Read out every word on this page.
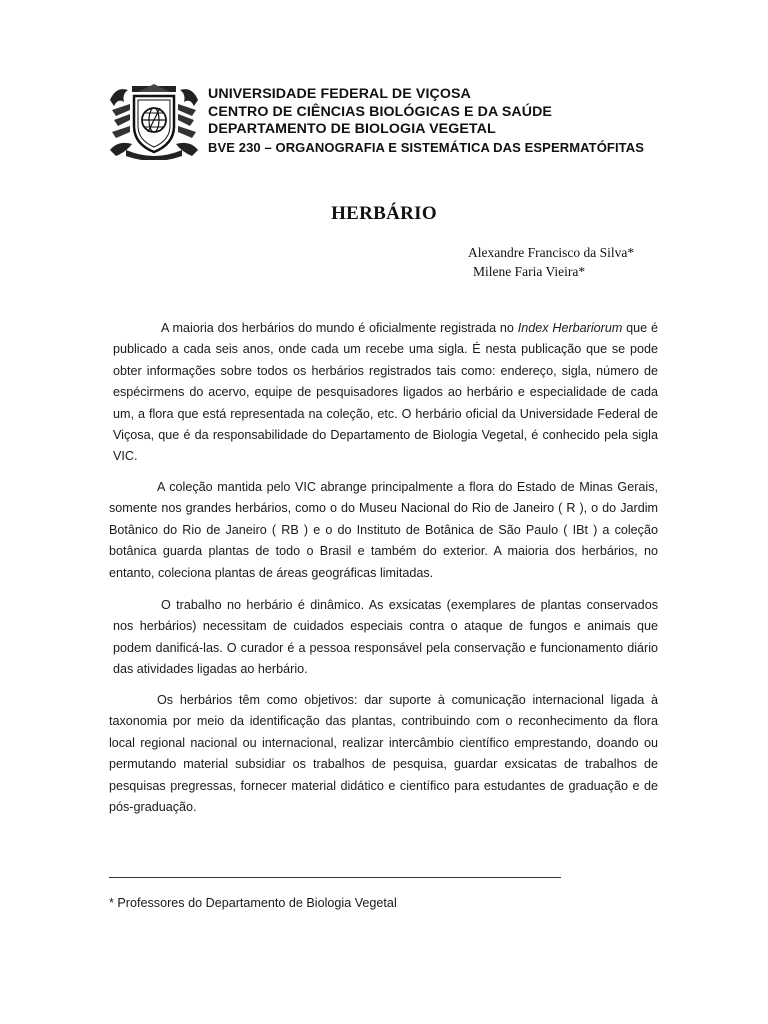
UNIVERSIDADE FEDERAL DE VIÇOSA
CENTRO DE CIÊNCIAS BIOLÓGICAS E DA SAÚDE
DEPARTAMENTO DE BIOLOGIA VEGETAL
BVE 230 – ORGANOGRAFIA E SISTEMÁTICA DAS ESPERMATÓFITAS
HERBÁRIO
Alexandre Francisco da Silva*
Milene Faria Vieira*
A maioria dos herbários do mundo é oficialmente registrada no Index Herbariorum que é publicado a cada seis anos, onde cada um recebe uma sigla. É nesta publicação que se pode obter informações sobre todos os herbários registrados tais como: endereço, sigla, número de espécirmens do acervo, equipe de pesquisadores ligados ao herbário e especialidade de cada um, a flora que está representada na coleção, etc. O herbário oficial da Universidade Federal de Viçosa, que é da responsabilidade do Departamento de Biologia Vegetal, é conhecido pela sigla VIC.
A coleção mantida pelo VIC abrange principalmente a flora do Estado de Minas Gerais, somente nos grandes herbários, como o do Museu Nacional do Rio de Janeiro ( R ), o do Jardim Botânico do Rio de Janeiro ( RB ) e o do Instituto de Botânica de São Paulo ( IBt ) a coleção botânica guarda plantas de todo o Brasil e também do exterior. A maioria dos herbários, no entanto, coleciona plantas de áreas geográficas limitadas.
O trabalho no herbário é dinâmico. As exsicatas (exemplares de plantas conservados nos herbários) necessitam de cuidados especiais contra o ataque de fungos e animais que podem danificá-las. O curador é a pessoa responsável pela conservação e funcionamento diário das atividades ligadas ao herbário.
Os herbários têm como objetivos: dar suporte à comunicação internacional ligada à taxonomia por meio da identificação das plantas, contribuindo com o reconhecimento da flora local regional nacional ou internacional, realizar intercâmbio científico emprestando, doando ou permutando material subsidiar os trabalhos de pesquisa, guardar exsicatas de trabalhos de pesquisas pregressas, fornecer material didático e científico para estudantes de graduação e de pós-graduação.
* Professores do Departamento de Biologia Vegetal
